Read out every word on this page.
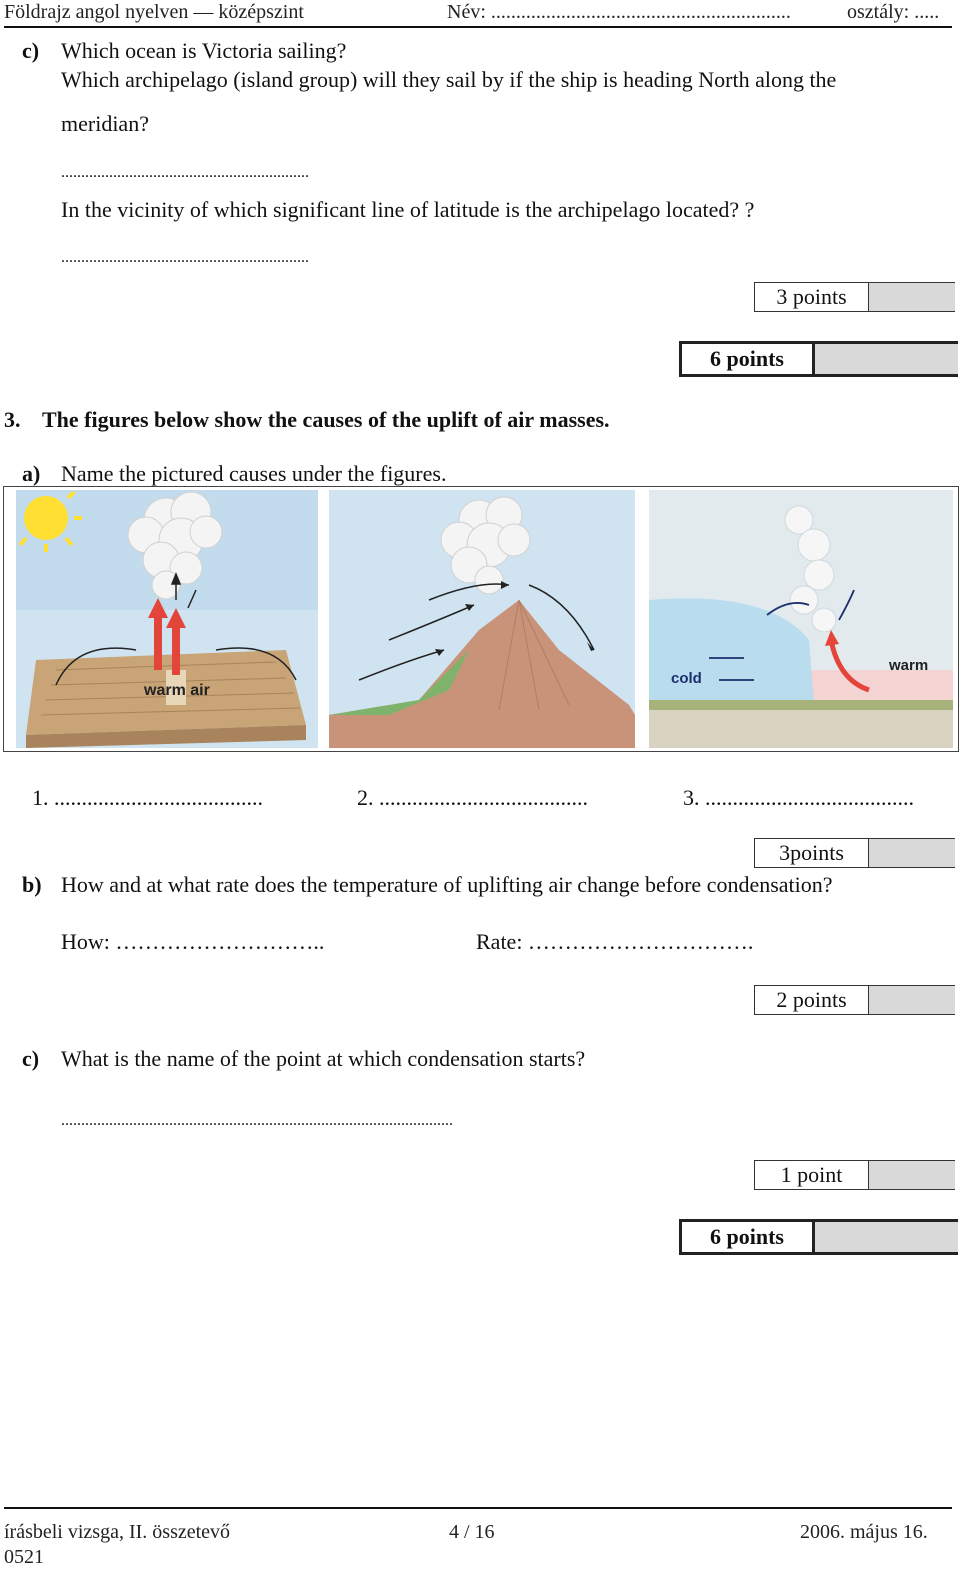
Földrajz angol nyelven — középszint	Név: ............................................................	osztály: .....
c) Which ocean is Victoria sailing?
Which archipelago (island group) will they sail by if the ship is heading North along the
meridian?
..............................................................
In the vicinity of which significant line of latitude is the archipelago located? ?
..............................................................
3 points
6 points
3. The figures below show the causes of the uplift of air masses.
a) Name the pictured causes under the figures.
warm air
cold
warm
1. ......................................	2. ......................................	3. ......................................
3points
b) How and at what rate does the temperature of uplifting air change before condensation?
How: ………………………..	Rate: ………………………….
2 points
c) What is the name of the point at which condensation starts?
..................................................................................................
1 point
6 points
írásbeli vizsga, II. összetevő
0521
4 / 16	2006. május 16.
